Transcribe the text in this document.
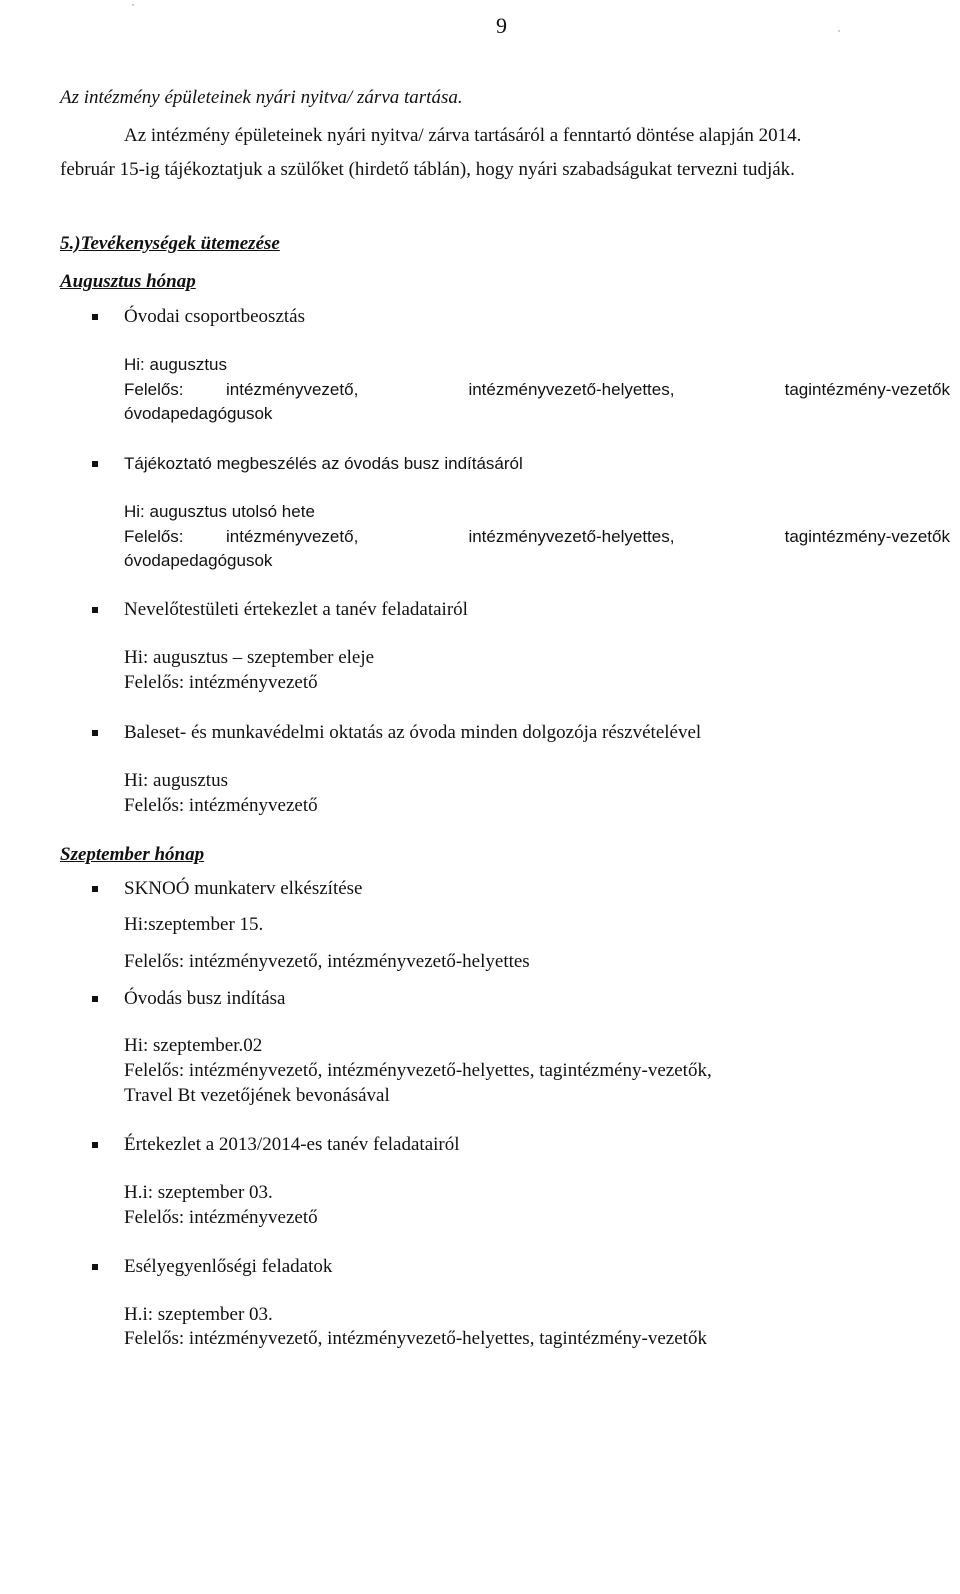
9
Az intézmény épületeinek nyári nyitva/ zárva tartása.
Az intézmény épületeinek nyári nyitva/ zárva tartásáról a fenntartó döntése alapján 2014.
február 15-ig tájékoztatjuk a szülőket (hirdető táblán), hogy nyári szabadságukat tervezni tudják.
5.)Tevékenységek ütemezése
Augusztus hónap
Óvodai csoportbeosztás
Hi: augusztus
Felelős: intézményvezető,	intézményvezető-helyettes,	tagintézmény-vezetők
óvodapedagógusok
Tájékoztató megbeszélés az óvodás busz indításáról
Hi: augusztus utolsó hete
Felelős: intézményvezető,	intézményvezető-helyettes,	tagintézmény-vezetők
óvodapedagógusok
Nevelőtestületi értekezlet a tanév feladatairól
Hi: augusztus – szeptember eleje
Felelős: intézményvezető
Baleset- és munkavédelmi oktatás az óvoda minden dolgozója részvételével
Hi: augusztus
Felelős: intézményvezető
Szeptember hónap
SKNOÓ munkaterv elkészítése
Hi:szeptember 15.
Felelős: intézményvezető, intézményvezető-helyettes
Óvodás busz indítása
Hi: szeptember.02
Felelős: intézményvezető, intézményvezető-helyettes, tagintézmény-vezetők,
Travel Bt vezetőjének bevonásával
Értekezlet a 2013/2014-es tanév feladatairól
H.i: szeptember 03.
Felelős: intézményvezető
Esélyegyenlőségi feladatok
H.i: szeptember 03.
Felelős: intézményvezető, intézményvezető-helyettes, tagintézmény-vezetők
